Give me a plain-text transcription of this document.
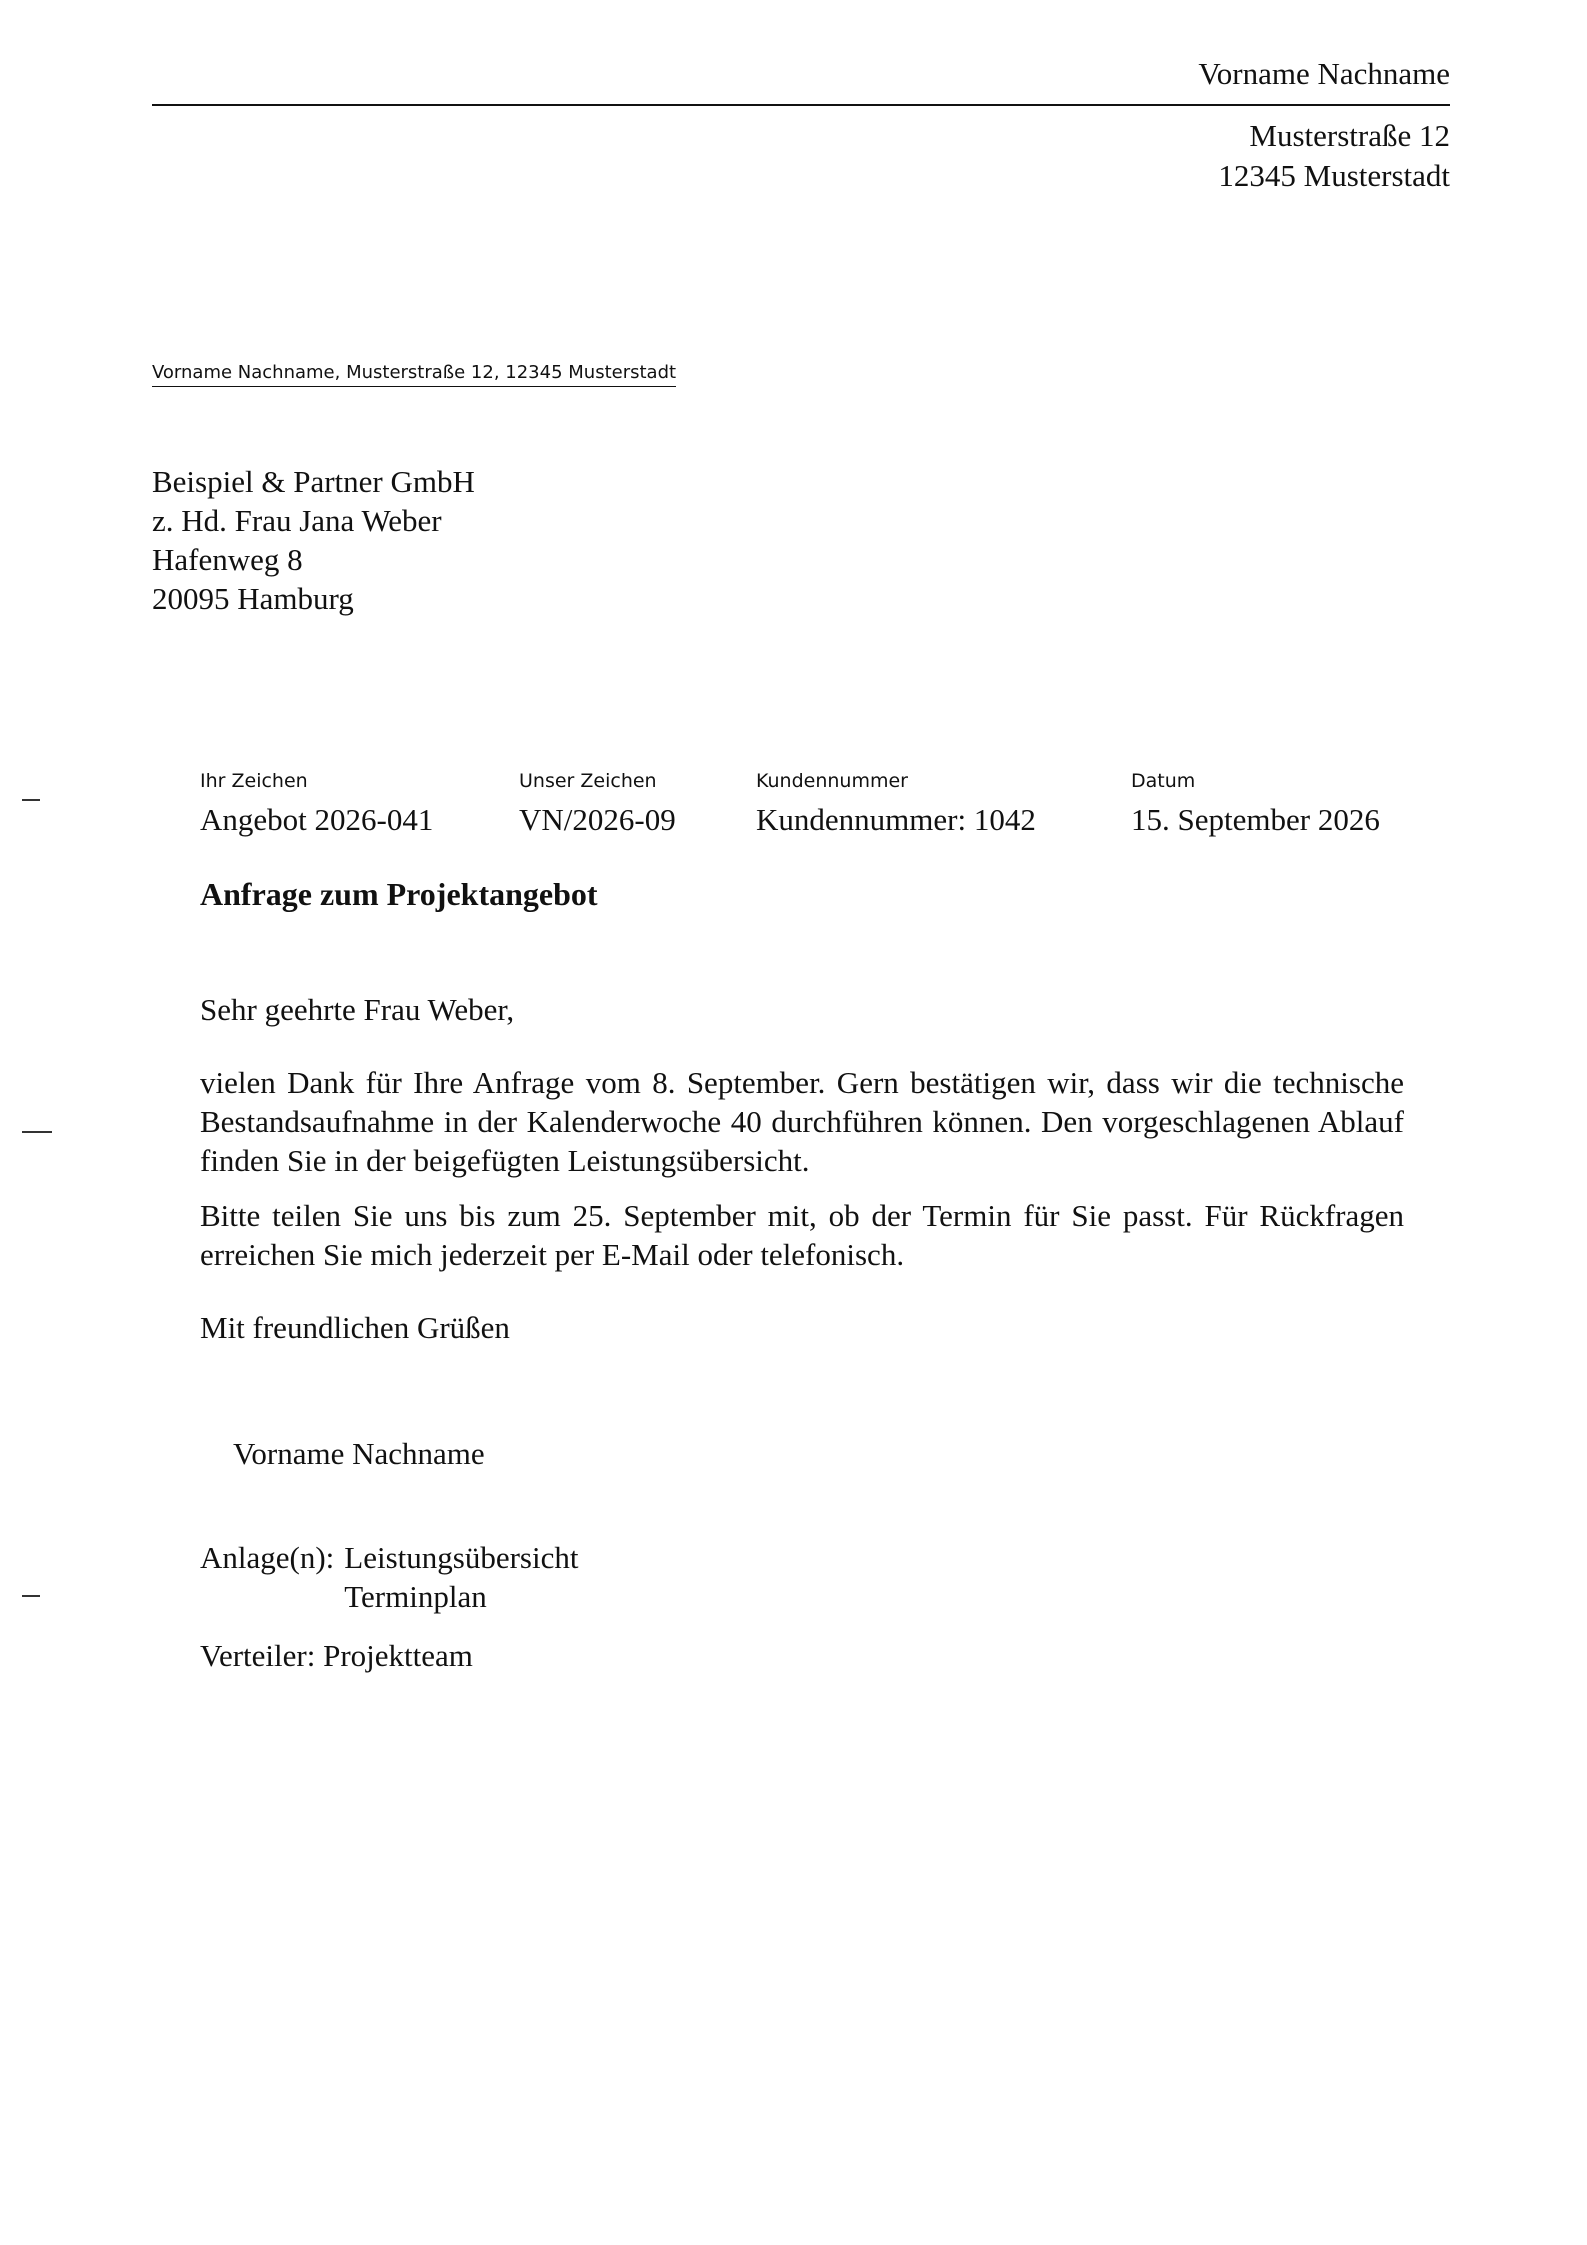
Vorname Nachname
Musterstraße 12
12345 Musterstadt
Vorname Nachname, Musterstraße 12, 12345 Musterstadt
Beispiel & Partner GmbH
z. Hd. Frau Jana Weber
Hafenweg 8
20095 Hamburg
Ihr Zeichen
Angebot 2026-041
Unser Zeichen
VN/2026-09
Kundennummer
Kundennummer: 1042
Datum
15. September 2026
Anfrage zum Projektangebot

Sehr geehrte Frau Weber,

vielen Dank für Ihre Anfrage vom 8. September. Gern bestätigen wir, dass wir die technische Bestandsaufnahme in der Kalenderwoche 40 durchführen können. Den vorgeschlagenen Ablauf finden Sie in der beigefügten Leistungsübersicht.

Bitte teilen Sie uns bis zum 25. September mit, ob der Termin für Sie passt. Für Rückfragen erreichen Sie mich jederzeit per E-Mail oder telefonisch.

Mit freundlichen Grüßen

Vorname Nachname
Anlage(n): Leistungsübersicht
Terminplan
Verteiler: Projektteam
